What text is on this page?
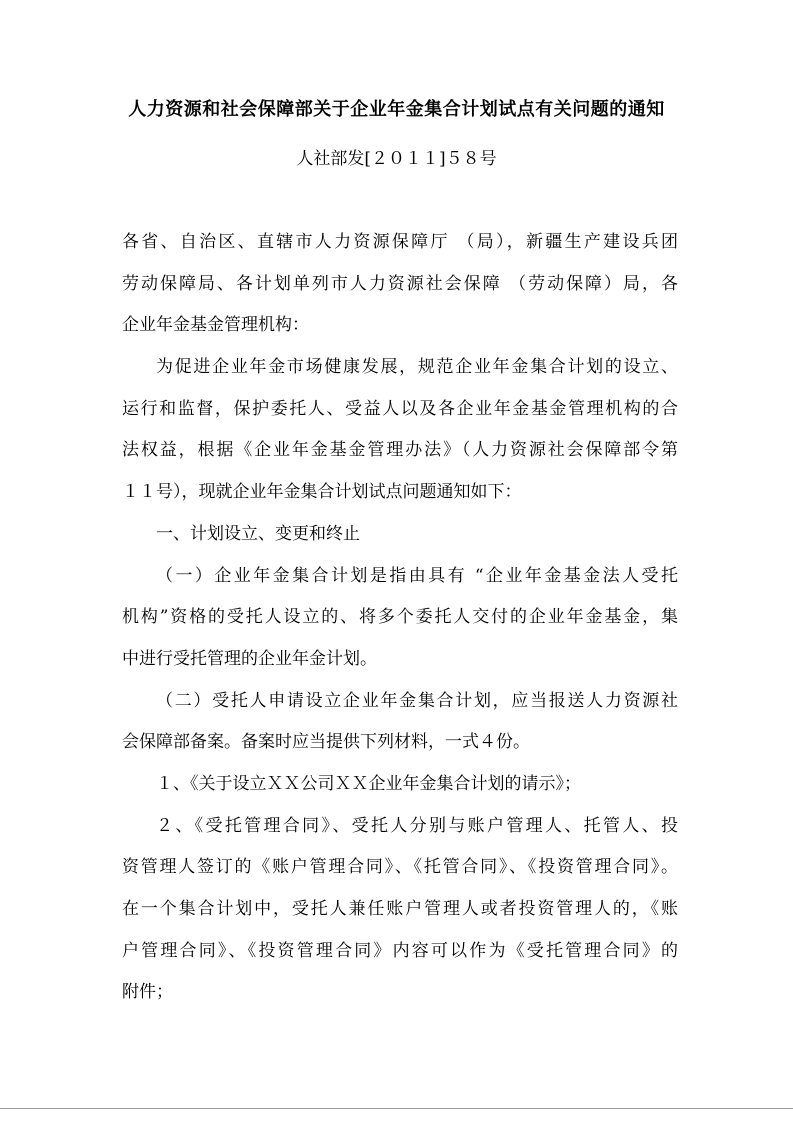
人力资源和社会保障部关于企业年金集合计划试点有关问题的通知
人社部发[２０１１]５８号
各省、自治区、直辖市人力资源保障厅 （局），新疆生产建设兵团
劳动保障局、各计划单列市人力资源社会保障 （劳动保障）局，各
企业年金基金管理机构：
为促进企业年金市场健康发展，规范企业年金集合计划的设立、
运行和监督，保护委托人、受益人以及各企业年金基金管理机构的合
法权益，根据《企业年金基金管理办法》（人力资源社会保障部令第
１１号），现就企业年金集合计划试点问题通知如下：
一、计划设立、变更和终止
（一）企业年金集合计划是指由具有 “企业年金基金法人受托
机构”资格的受托人设立的、将多个委托人交付的企业年金基金，集
中进行受托管理的企业年金计划。
（二）受托人申请设立企业年金集合计划，应当报送人力资源社
会保障部备案。备案时应当提供下列材料，一式４份。
１、《关于设立ＸＸ公司ＸＸ企业年金集合计划的请示》；
２、《受托管理合同》、受托人分别与账户管理人、托管人、投
资管理人签订的《账户管理合同》、《托管合同》、《投资管理合同》。
在一个集合计划中，受托人兼任账户管理人或者投资管理人的，《账
户管理合同》、《投资管理合同》内容可以作为《受托管理合同》的
附件；
